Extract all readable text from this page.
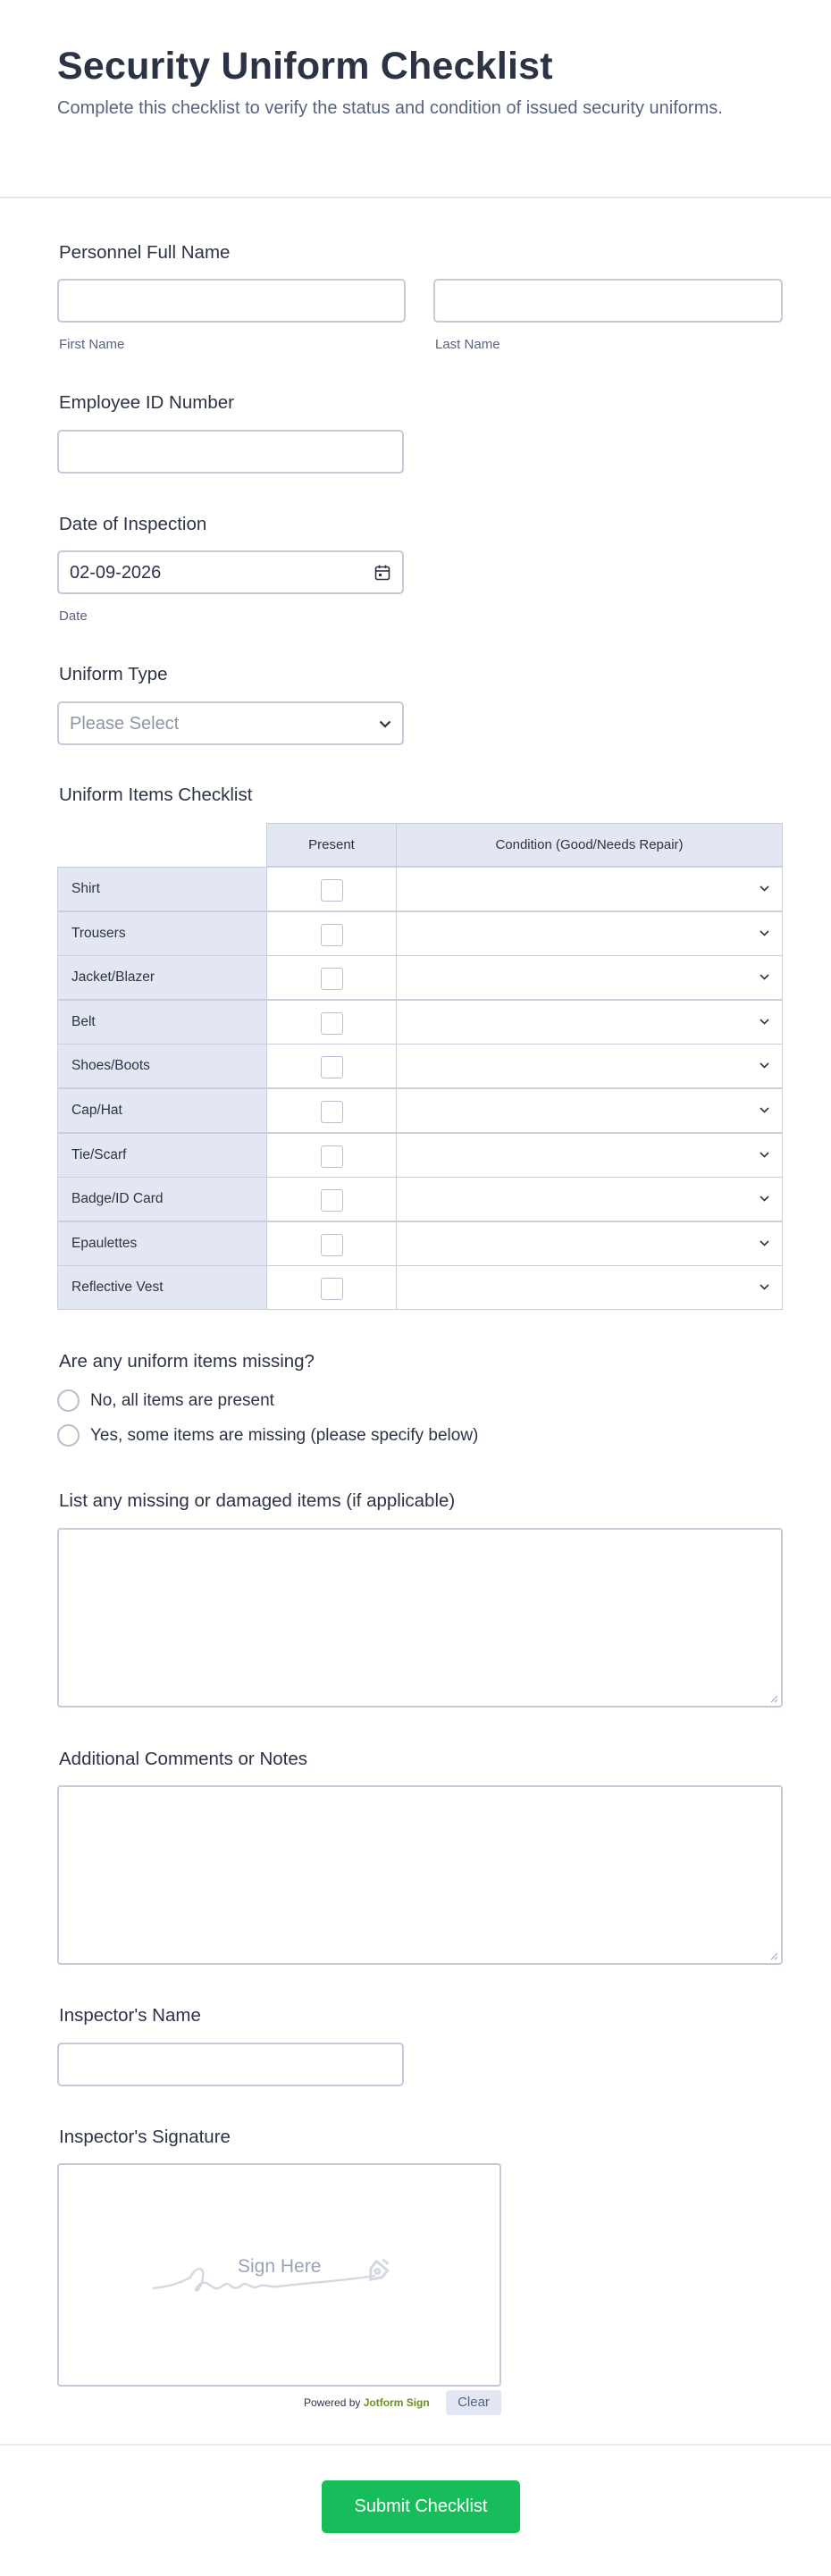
Security Uniform Checklist
Complete this checklist to verify the status and condition of issued security uniforms.
Personnel Full Name
First Name	Last Name
Employee ID Number
Date of Inspection
02-09-2026
Date
Uniform Type
Please Select
Uniform Items Checklist
Present	Condition (Good/Needs Repair)
Shirt
Trousers
Jacket/Blazer
Belt
Shoes/Boots
Cap/Hat
Tie/Scarf
Badge/ID Card
Epaulettes
Reflective Vest
Are any uniform items missing?
No, all items are present
Yes, some items are missing (please specify below)
List any missing or damaged items (if applicable)
Additional Comments or Notes
Inspector's Name
Inspector's Signature
Sign Here
Powered by Jotform Sign	Clear
Submit Checklist
